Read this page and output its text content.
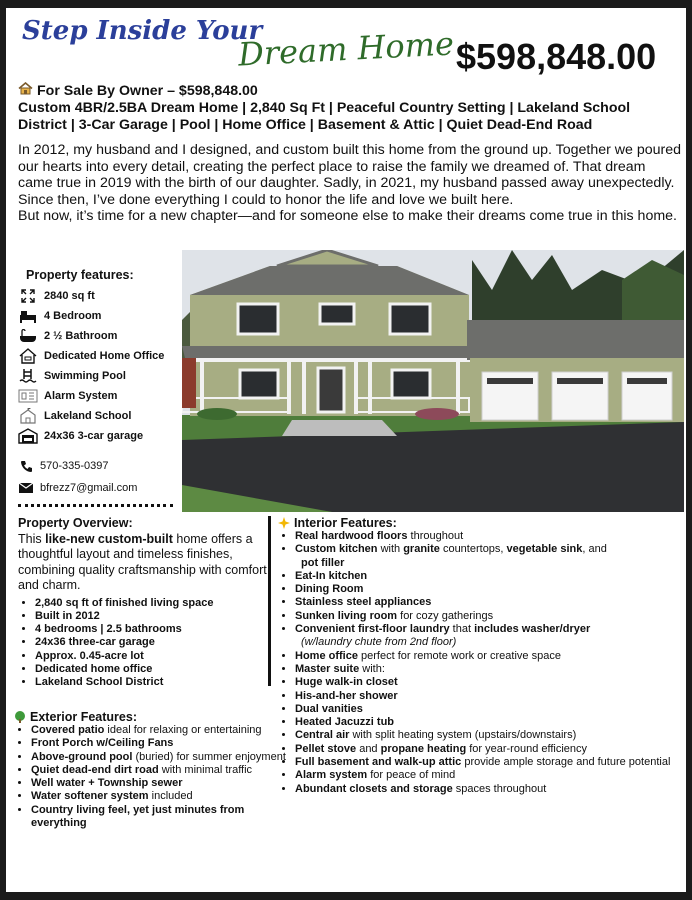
Step Inside Your
Dream Home $598,848.00
For Sale By Owner – $598,848.00
Custom 4BR/2.5BA Dream Home | 2,840 Sq Ft | Peaceful Country Setting | Lakeland School District | 3-Car Garage | Pool | Home Office | Basement & Attic | Quiet Dead-End Road

In 2012, my husband and I designed, and custom built this home from the ground up. Together we poured our hearts into every detail, creating the perfect place to raise the family we dreamed of. That dream came true in 2019 with the birth of our daughter. Sadly, in 2021, my husband passed away unexpectedly.

Since then, I’ve done everything I could to honor the life and love we built here.

But now, it’s time for a new chapter—and for someone else to make their dreams come true in this home.

Property features:
2840 sq ft
4 Bedroom
2 ½ Bathroom
Dedicated Home Office
Swimming Pool
Alarm System
Lakeland School
24x36 3-car garage
570-335-0397
bfrezz7@gmail.com
Property Overview:

This like-new custom-built home offers a thoughtful layout and timeless finishes, combining quality craftsmanship with comfort and charm.

• 2,840 sq ft of finished living space
• Built in 2012
• 4 bedrooms | 2.5 bathrooms
• 24x36 three-car garage
• Approx. 0.45-acre lot
• Dedicated home office
• Lakeland School District
Exterior Features:
• Covered patio ideal for relaxing or entertaining
• Front Porch w/Ceiling Fans
• Above-ground pool (buried) for summer enjoyment
• Quiet dead-end dirt road with minimal traffic
• Well water + Township sewer
• Water softener system included
• Country living feel, yet just minutes from everything
Interior Features:
• Real hardwood floors throughout
• Custom kitchen with granite countertops, vegetable sink, and
pot filler
• Eat-In kitchen
• Dining Room
• Stainless steel appliances
• Sunken living room for cozy gatherings
• Convenient first-floor laundry that includes washer/dryer
(w/laundry chute from 2nd floor)
• Home office perfect for remote work or creative space
• Master suite with:
• Huge walk-in closet
• His-and-her shower
• Dual vanities
• Heated Jacuzzi tub
• Central air with split heating system (upstairs/downstairs)
• Pellet stove and propane heating for year-round efficiency
• Full basement and walk-up attic provide ample storage and future potential
• Alarm system for peace of mind
• Abundant closets and storage spaces throughout
